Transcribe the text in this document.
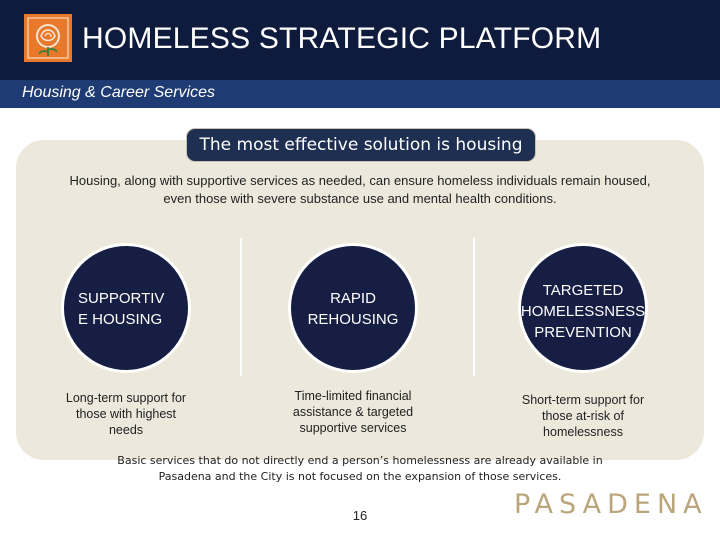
HOMELESS STRATEGIC PLATFORM
Housing & Career Services
The most effective solution is housing
Housing, along with supportive services as needed, can ensure homeless individuals remain housed,
even those with severe substance use and mental health conditions.
SUPPORTIV
E HOUSING
Long-term support for
those with highest
needs
RAPID
REHOUSING
Time-limited financial
assistance & targeted
supportive services
TARGETED
HOMELESSNESS
PREVENTION
Short-term support for
those at-risk of
homelessness
Basic services that do not directly end a person’s homelessness are already available in
Pasadena and the City is not focused on the expansion of those services.
16	PASADENA
